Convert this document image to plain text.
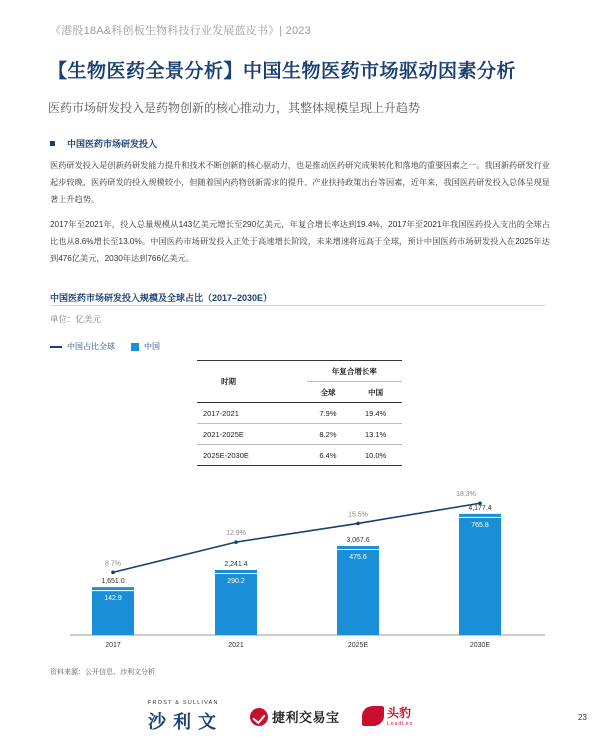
《港股18A&科创板生物科技行业发展蓝皮书》| 2023
【生物医药全景分析】中国生物医药市场驱动因素分析
医药市场研发投入是药物创新的核心推动力，其整体规模呈现上升趋势
中国医药市场研发投入
医药研发投入是创新药研发能力提升和技术不断创新的核心驱动力，也是推动医药研究成果转化和落地的重要因素之一。我国新药研发行业起步较晚，医药研发的投入规模较小，但随着国内药物创新需求的提升、产业扶持政策出台等因素，近年来，我国医药研发投入总体呈现显著上升趋势。
2017年至2021年，投入总量规模从143亿美元增长至290亿美元，年复合增长率达到19.4%，2017年至2021年我国医药投入支出的全球占比也从8.6%增长至13.0%。中国医药市场研发投入正处于高速增长阶段，未来增速将远高于全球，预计中国医药市场研发投入在2025年达到476亿美元，2030年达到766亿美元。
中国医药市场研发投入规模及全球占比（2017–2030E）
单位：亿美元
中国占比全球	中国
	年复合增长率	
时期	全球	中国
2017-2021	7.9%	19.4%
2021-2025E	8.2%	13.1%
2025E-2030E	6.4%	10.0%
142.9
1,651.0
2017
290.2
2,241.4
2021
475.6
3,067.6
2025E
765.8
4,177.4
2030E
8.7%
12.9%
15.5%
18.3%
资料来源：公开信息、沙利文分析
FROST & SULLIVAN
沙利文	捷利交易宝	头豹
LeadLeo
23
